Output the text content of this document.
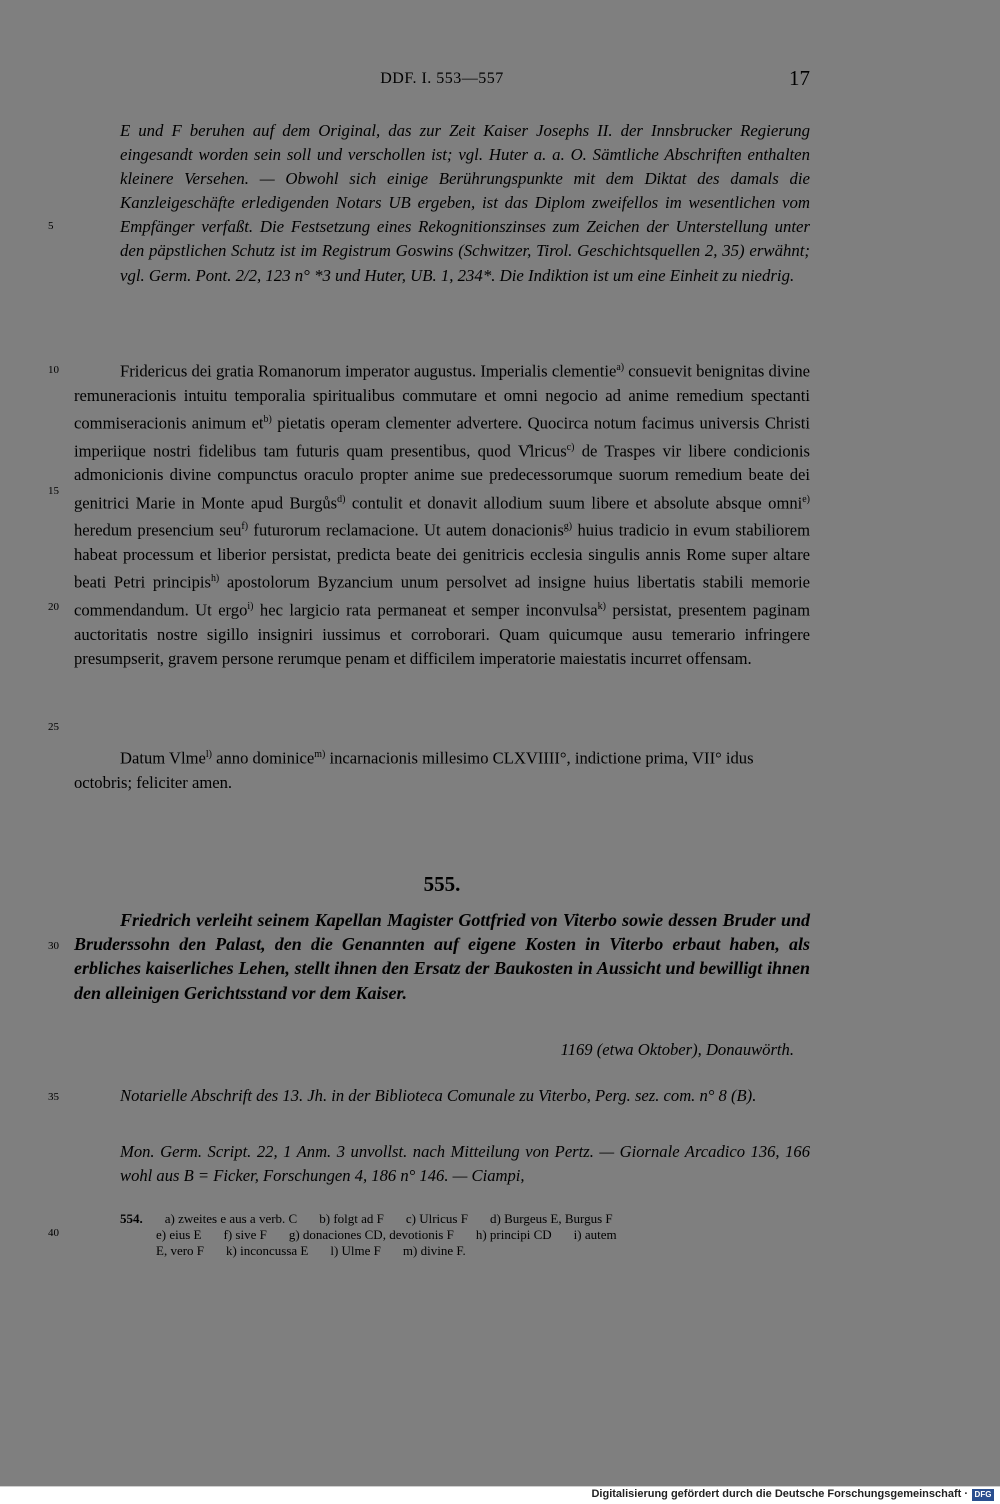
DDF. I. 553—557	17
5
10
15
20
25
30
35
40
E und F beruhen auf dem Original, das zur Zeit Kaiser Josephs II. der Innsbrucker Regierung eingesandt worden sein soll und verschollen ist; vgl. Huter a. a. O. Sämtliche Abschriften enthalten kleinere Versehen. — Obwohl sich einige Berührungspunkte mit dem Diktat des damals die Kanzleigeschäfte erledigenden Notars UB ergeben, ist das Diplom zweifellos im wesentlichen vom Empfänger verfaßt. Die Festsetzung eines Rekognitionszinses zum Zeichen der Unterstellung unter den päpstlichen Schutz ist im Registrum Goswins (Schwitzer, Tirol. Geschichtsquellen 2, 35) erwähnt; vgl. Germ. Pont. 2/2, 123 n° *3 und Huter, UB. 1, 234*. Die Indiktion ist um eine Einheit zu niedrig.

Fridericus dei gratia Romanorum imperator augustus. Imperialis clementie$^{a)}$ consuevit benignitas divine remuneracionis intuitu temporalia spiritualibus commutare et omni negocio ad anime remedium spectanti commiseracionis animum $et^{b)}$ pietatis operam clementer advertere. Quocirca notum facimus universis Christi imperiique nostri fidelibus tam futuris quam presentibus, quod V̊lricus$^{c)}$ de Traspes vir libere condicionis admonicionis divine compunctus oraculo propter anime sue predecessorumque suorum remedium beate dei genitrici Marie in Monte apud Burgůs$^{d)}$ contulit et donavit allodium suum libere et absolute absque omni$^{e)}$ heredum presencium seu$^{f)}$ futurorum reclamacione. Ut autem donacionis$^{g)}$ huius tradicio in evum stabiliorem habeat processum et liberior persistat, predicta beate dei genitricis ecclesia singulis annis Rome super altare beati Petri principis$^{h)}$ apostolorum Byzancium unum persolvet ad insigne huius libertatis stabili memorie commendandum. Ut ergo$^{i)}$ hec largicio rata permaneat et semper inconvulsa$^{k)}$ persistat, presentem paginam auctoritatis nostre sigillo insigniri iussimus et corroborari. Quam quicumque ausu temerario infringere presumpserit, gravem persone rerumque penam et difficilem imperatorie maiestatis incurret offensam.

Datum Vlme$^{l)}$ anno dominice$^{m)}$ incarnacionis millesimo CLXVIIII°, indictione prima, VII° idus octobris; feliciter amen.
555.
Friedrich verleiht seinem Kapellan Magister Gottfried von Viterbo sowie dessen Bruder und Bruderssohn den Palast, den die Genannten auf eigene Kosten in Viterbo erbaut haben, als erbliches kaiserliches Lehen, stellt ihnen den Ersatz der Baukosten in Aussicht und bewilligt ihnen den alleinigen Gerichtsstand vor dem Kaiser.
1169 (etwa Oktober), Donauwörth.
Notarielle Abschrift des 13. Jh. in der Biblioteca Comunale zu Viterbo, Perg. sez. com. n° 8 (B).
Mon. Germ. Script. 22, 1 Anm. 3 unvollst. nach Mitteilung von Pertz. — Giornale Arcadico 136, 166 wohl aus B = Ficker, Forschungen 4, 186 n° 146. — Ciampi,
554. a) zweites e aus a verb. C b) folgt ad F c) Ulricus F d) Burgeus E, Burgus F
e) eius E f) sive F g) donaciones CD, devotionis F h) principi CD i) autem
E, vero F k) inconcussa E l) Ulme F m) divine F.
Digitalisierung gefördert durch die Deutsche Forschungsgemeinschaft · DFG
